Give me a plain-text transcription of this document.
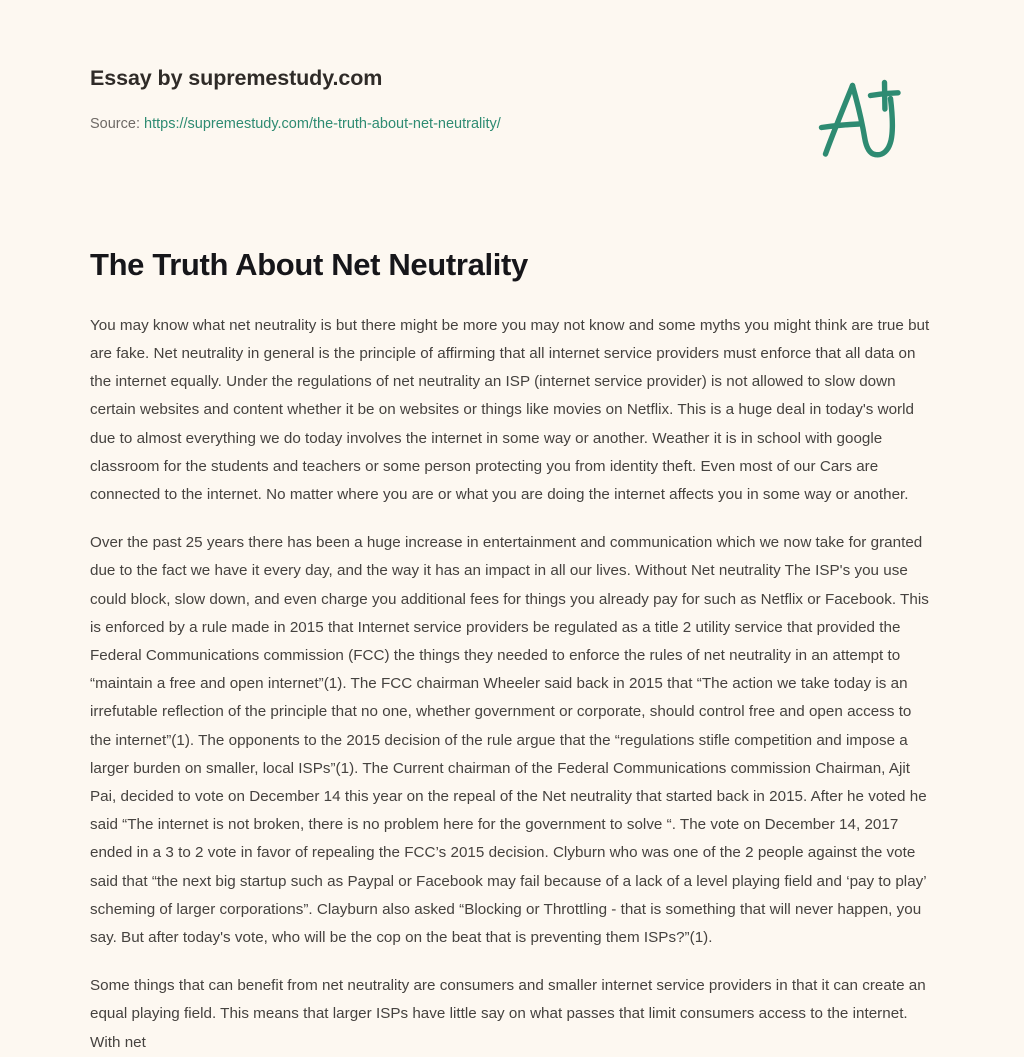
Essay by supremestudy.com
Source: https://supremestudy.com/the-truth-about-net-neutrality/
The Truth About Net Neutrality

You may know what net neutrality is but there might be more you may not know and some myths you might think are true but are fake. Net neutrality in general is the principle of affirming that all internet service providers must enforce that all data on the internet equally. Under the regulations of net neutrality an ISP (internet service provider) is not allowed to slow down certain websites and content whether it be on websites or things like movies on Netflix. This is a huge deal in today's world due to almost everything we do today involves the internet in some way or another. Weather it is in school with google classroom for the students and teachers or some person protecting you from identity theft. Even most of our Cars are connected to the internet. No matter where you are or what you are doing the internet affects you in some way or another.

Over the past 25 years there has been a huge increase in entertainment and communication which we now take for granted due to the fact we have it every day, and the way it has an impact in all our lives. Without Net neutrality The ISP's you use could block, slow down, and even charge you additional fees for things you already pay for such as Netflix or Facebook. This is enforced by a rule made in 2015 that Internet service providers be regulated as a title 2 utility service that provided the Federal Communications commission (FCC) the things they needed to enforce the rules of net neutrality in an attempt to “maintain a free and open internet”(1). The FCC chairman Wheeler said back in 2015 that “The action we take today is an irrefutable reflection of the principle that no one, whether government or corporate, should control free and open access to the internet”(1). The opponents to the 2015 decision of the rule argue that the “regulations stifle competition and impose a larger burden on smaller, local ISPs”(1). The Current chairman of the Federal Communications commission Chairman, Ajit Pai, decided to vote on December 14 this year on the repeal of the Net neutrality that started back in 2015. After he voted he said “The internet is not broken, there is no problem here for the government to solve “. The vote on December 14, 2017 ended in a 3 to 2 vote in favor of repealing the FCC’s 2015 decision. Clyburn who was one of the 2 people against the vote said that “the next big startup such as Paypal or Facebook may fail because of a lack of a level playing field and ‘pay to play’ scheming of larger corporations”. Clayburn also asked “Blocking or Throttling - that is something that will never happen, you say. But after today's vote, who will be the cop on the beat that is preventing them ISPs?”(1).

Some things that can benefit from net neutrality are consumers and smaller internet service providers in that it can create an equal playing field. This means that larger ISPs have little say on what passes that limit consumers access to the internet. With net
